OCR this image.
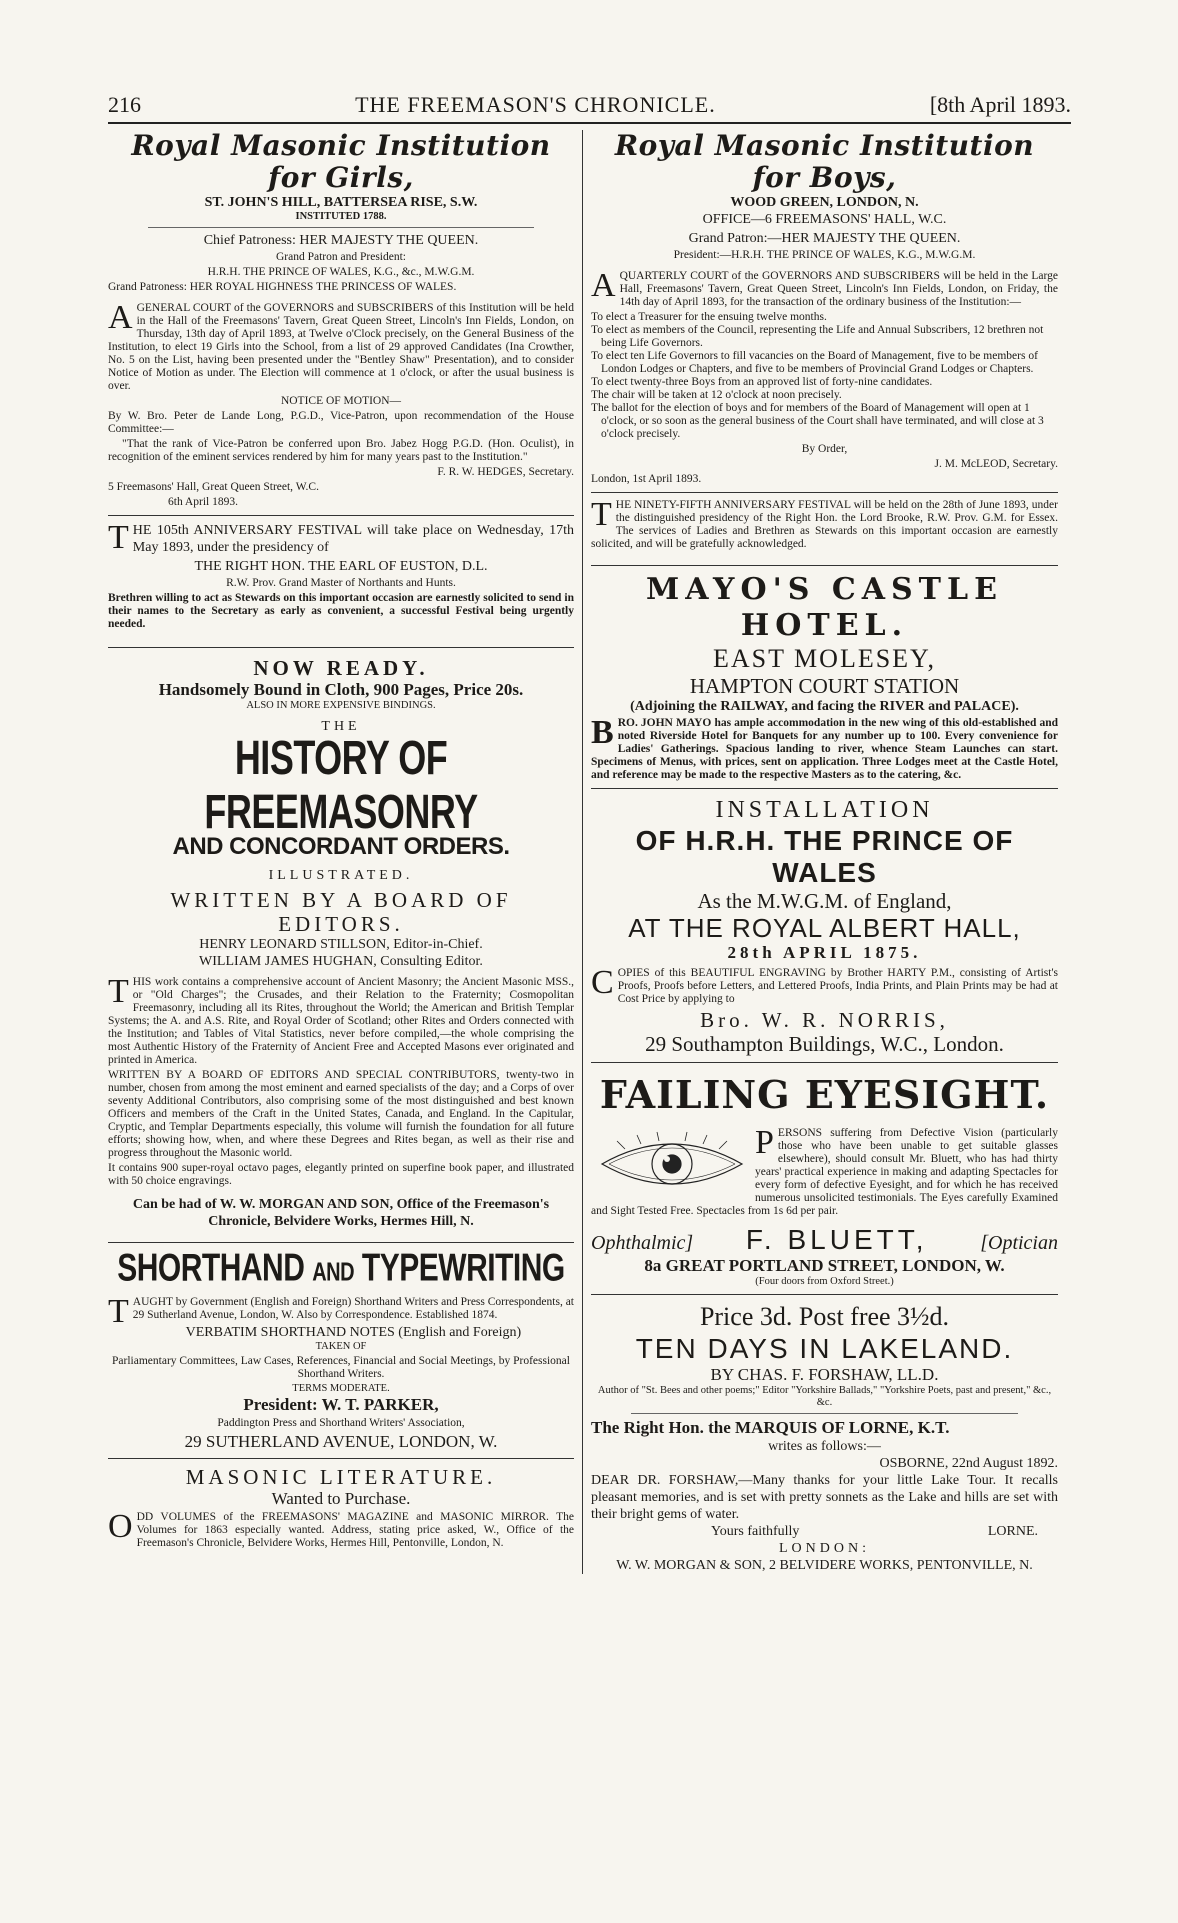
216	THE FREEMASON'S CHRONICLE.	[8th April 1893.
Royal Masonic Institution for Girls,
ST. JOHN'S HILL, BATTERSEA RISE, S.W.
INSTITUTED 1788.
Chief Patroness: HER MAJESTY THE QUEEN.
Grand Patron and President:
H.R.H. THE PRINCE OF WALES, K.G., &c., M.W.G.M.
Grand Patroness: HER ROYAL HIGHNESS THE PRINCESS OF WALES.
A GENERAL COURT of the GOVERNORS and SUBSCRIBERS of this Institution will be held in the Hall of the Freemasons' Tavern, Great Queen Street, Lincoln's Inn Fields, London, on Thursday, 13th day of April 1893, at Twelve o'Clock precisely, on the General Business of the Institution, to elect 19 Girls into the School, from a list of 29 approved Candidates (Ina Crowther, No. 5 on the List, having been presented under the "Bentley Shaw" Presentation), and to consider Notice of Motion as under. The Election will commence at 1 o'clock, or after the usual business is over.
NOTICE OF MOTION—
By W. Bro. Peter de Lande Long, P.G.D., Vice-Patron, upon recommendation of the House Committee:—
"That the rank of Vice-Patron be conferred upon Bro. Jabez Hogg P.G.D. (Hon. Oculist), in recognition of the eminent services rendered by him for many years past to the Institution."
F. R. W. HEDGES, Secretary.
5 Freemasons' Hall, Great Queen Street, W.C.
6th April 1893.
T HE 105th ANNIVERSARY FESTIVAL will take place on Wednesday, 17th May 1893, under the presidency of
THE RIGHT HON. THE EARL OF EUSTON, D.L.
R.W. Prov. Grand Master of Northants and Hunts.
Brethren willing to act as Stewards on this important occasion are earnestly solicited to send in their names to the Secretary as early as convenient, a successful Festival being urgently needed.
NOW READY.
Handsomely Bound in Cloth, 900 Pages, Price 20s.
ALSO IN MORE EXPENSIVE BINDINGS.
THE
HISTORY OF FREEMASONRY
AND CONCORDANT ORDERS.
ILLUSTRATED.
WRITTEN BY A BOARD OF EDITORS.
HENRY LEONARD STILLSON, Editor-in-Chief.
WILLIAM JAMES HUGHAN, Consulting Editor.
T HIS work contains a comprehensive account of Ancient Masonry; the Ancient Masonic MSS., or "Old Charges"; the Crusades, and their Relation to the Fraternity; Cosmopolitan Freemasonry, including all its Rites, throughout the World; the American and British Templar Systems; the A. and A.S. Rite, and Royal Order of Scotland; other Rites and Orders connected with the Institution; and Tables of Vital Statistics, never before compiled,—the whole comprising the most Authentic History of the Fraternity of Ancient Free and Accepted Masons ever originated and printed in America.
WRITTEN BY A BOARD OF EDITORS AND SPECIAL CONTRIBUTORS, twenty-two in number, chosen from among the most eminent and earned specialists of the day; and a Corps of over seventy Additional Contributors, also comprising some of the most distinguished and best known Officers and members of the Craft in the United States, Canada, and England. In the Capitular, Cryptic, and Templar Departments especially, this volume will furnish the foundation for all future efforts; showing how, when, and where these Degrees and Rites began, as well as their rise and progress throughout the Masonic world.
It contains 900 super-royal octavo pages, elegantly printed on superfine book paper, and illustrated with 50 choice engravings.
Can be had of W. W. MORGAN AND SON, Office of the Freemason's Chronicle, Belvidere Works, Hermes Hill, N.
SHORTHAND AND TYPEWRITING
T AUGHT by Government (English and Foreign) Shorthand Writers and Press Correspondents, at 29 Sutherland Avenue, London, W. Also by Correspondence. Established 1874.
VERBATIM SHORTHAND NOTES (English and Foreign)
TAKEN OF
Parliamentary Committees, Law Cases, References, Financial and Social Meetings, by Professional Shorthand Writers.
TERMS MODERATE.
President: W. T. PARKER,
Paddington Press and Shorthand Writers' Association,
29 SUTHERLAND AVENUE, LONDON, W.
MASONIC LITERATURE.
Wanted to Purchase.
O DD VOLUMES of the FREEMASONS' MAGAZINE and MASONIC MIRROR. The Volumes for 1863 especially wanted. Address, stating price asked, W., Office of the Freemason's Chronicle, Belvidere Works, Hermes Hill, Pentonville, London, N.
Royal Masonic Institution for Boys,
WOOD GREEN, LONDON, N.
OFFICE—6 FREEMASONS' HALL, W.C.
Grand Patron:—HER MAJESTY THE QUEEN.
President:—H.R.H. THE PRINCE OF WALES, K.G., M.W.G.M.
A QUARTERLY COURT of the GOVERNORS AND SUBSCRIBERS will be held in the Large Hall, Freemasons' Tavern, Great Queen Street, Lincoln's Inn Fields, London, on Friday, the 14th day of April 1893, for the transaction of the ordinary business of the Institution:—
To elect a Treasurer for the ensuing twelve months.
To elect as members of the Council, representing the Life and Annual Subscribers, 12 brethren not being Life Governors.
To elect ten Life Governors to fill vacancies on the Board of Management, five to be members of London Lodges or Chapters, and five to be members of Provincial Grand Lodges or Chapters.
To elect twenty-three Boys from an approved list of forty-nine candidates.
The chair will be taken at 12 o'clock at noon precisely.
The ballot for the election of boys and for members of the Board of Management will open at 1 o'clock, or so soon as the general business of the Court shall have terminated, and will close at 3 o'clock precisely.
By Order,
J. M. McLEOD, Secretary.
London, 1st April 1893.
T HE NINETY-FIFTH ANNIVERSARY FESTIVAL will be held on the 28th of June 1893, under the distinguished presidency of the Right Hon. the Lord Brooke, R.W. Prov. G.M. for Essex. The services of Ladies and Brethren as Stewards on this important occasion are earnestly solicited, and will be gratefully acknowledged.
MAYO'S CASTLE HOTEL.
EAST MOLESEY,
HAMPTON COURT STATION
(Adjoining the RAILWAY, and facing the RIVER and PALACE).
B RO. JOHN MAYO has ample accommodation in the new wing of this old-established and noted Riverside Hotel for Banquets for any number up to 100. Every convenience for Ladies' Gatherings. Spacious landing to river, whence Steam Launches can start. Specimens of Menus, with prices, sent on application. Three Lodges meet at the Castle Hotel, and reference may be made to the respective Masters as to the catering, &c.
INSTALLATION
OF H.R.H. THE PRINCE OF WALES
As the M.W.G.M. of England,
AT THE ROYAL ALBERT HALL,
28th APRIL 1875.
C OPIES of this BEAUTIFUL ENGRAVING by Brother HARTY P.M., consisting of Artist's Proofs, Proofs before Letters, and Lettered Proofs, India Prints, and Plain Prints may be had at Cost Price by applying to
Bro. W. R. NORRIS,
29 Southampton Buildings, W.C., London.
FAILING EYESIGHT.
P ERSONS suffering from Defective Vision (particularly those who have been unable to get suitable glasses elsewhere), should consult Mr. Bluett, who has had thirty years' practical experience in making and adapting Spectacles for every form of defective Eyesight, and for which he has received numerous unsolicited testimonials. The Eyes carefully Examined and Sight Tested Free. Spectacles from 1s 6d per pair.
Ophthalmic] F. BLUETT,	[Optician
8a GREAT PORTLAND STREET, LONDON, W.
(Four doors from Oxford Street.)
Price 3d. Post free 3½d.
TEN DAYS IN LAKELAND.
BY CHAS. F. FORSHAW, LL.D.
Author of "St. Bees and other poems;" Editor "Yorkshire Ballads," "Yorkshire Poets, past and present," &c., &c.
The Right Hon. the MARQUIS OF LORNE, K.T.
writes as follows:—
OSBORNE, 22nd August 1892.
DEAR DR. FORSHAW,—Many thanks for your little Lake Tour. It recalls pleasant memories, and is set with pretty sonnets as the Lake and hills are set with their bright gems of water.
Yours faithfully	LORNE.
LONDON:
W. W. MORGAN & SON, 2 BELVIDERE WORKS, PENTONVILLE, N.
